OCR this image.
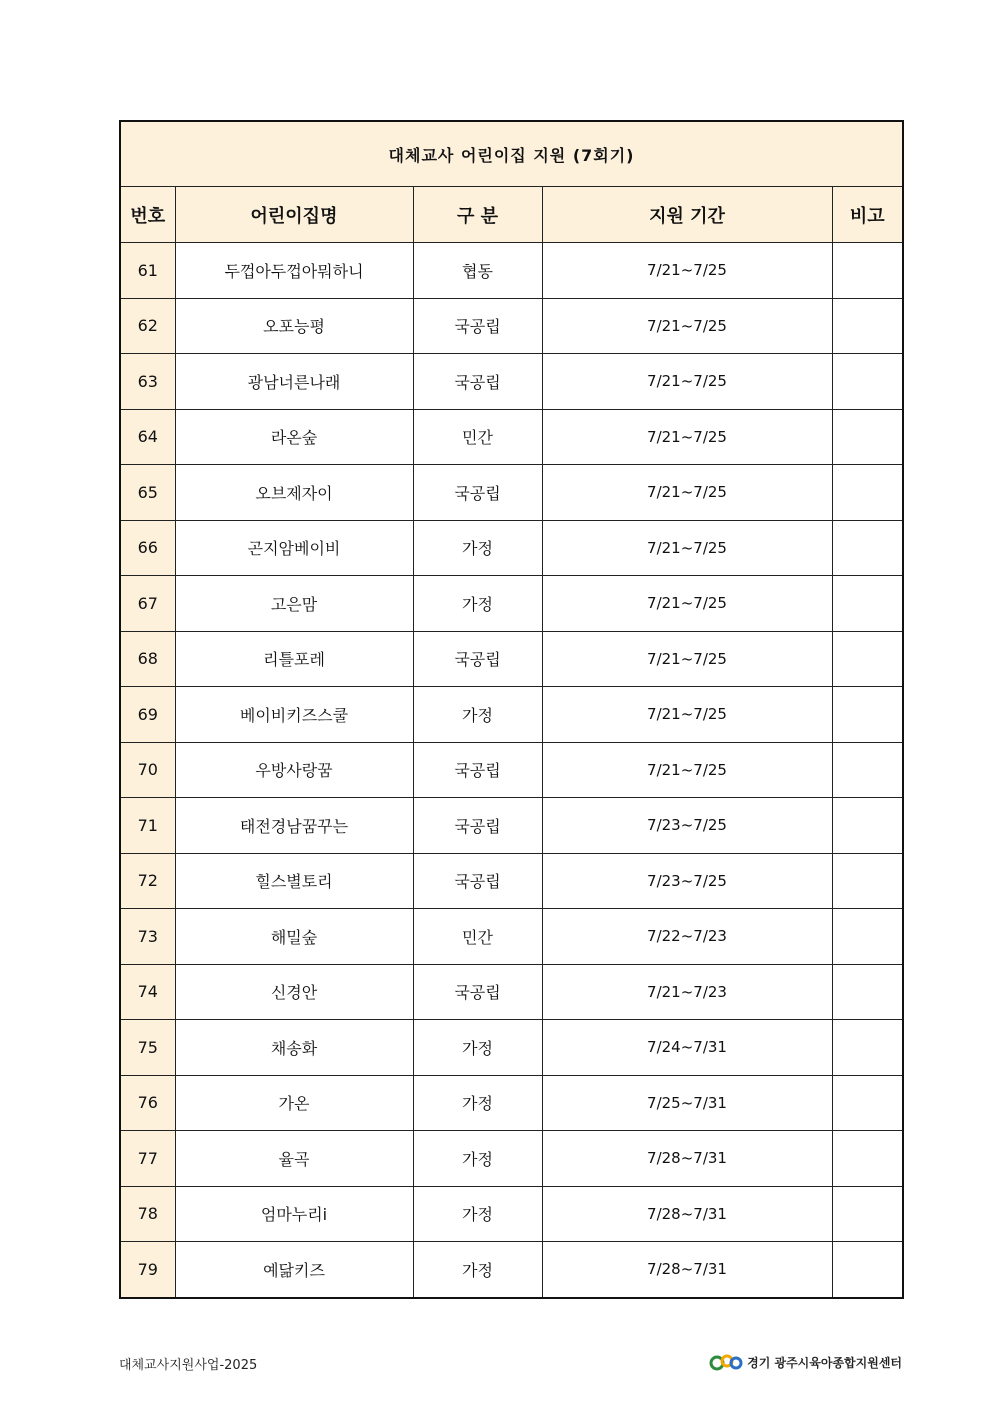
대체교사 어린이집 지원 (7회기)				
번호	어린이집명	구 분	지원 기간	비고
61	두껍아두껍아뭐하니	협동	7/21~7/25	
62	오포능평	국공립	7/21~7/25	
63	광남너른나래	국공립	7/21~7/25	
64	라온숲	민간	7/21~7/25	
65	오브제자이	국공립	7/21~7/25	
66	곤지암베이비	가정	7/21~7/25	
67	고은맘	가정	7/21~7/25	
68	리틀포레	국공립	7/21~7/25	
69	베이비키즈스쿨	가정	7/21~7/25	
70	우방사랑꿈	국공립	7/21~7/25	
71	태전경남꿈꾸는	국공립	7/23~7/25	
72	힐스별토리	국공립	7/23~7/25	
73	해밀숲	민간	7/22~7/23	
74	신경안	국공립	7/21~7/23	
75	채송화	가정	7/24~7/31	
76	가온	가정	7/25~7/31	
77	율곡	가정	7/28~7/31	
78	엄마누리i	가정	7/28~7/31	
79	예닮키즈	가정	7/28~7/31	
대체교사지원사업-2025	경기 광주시육아종합지원센터
